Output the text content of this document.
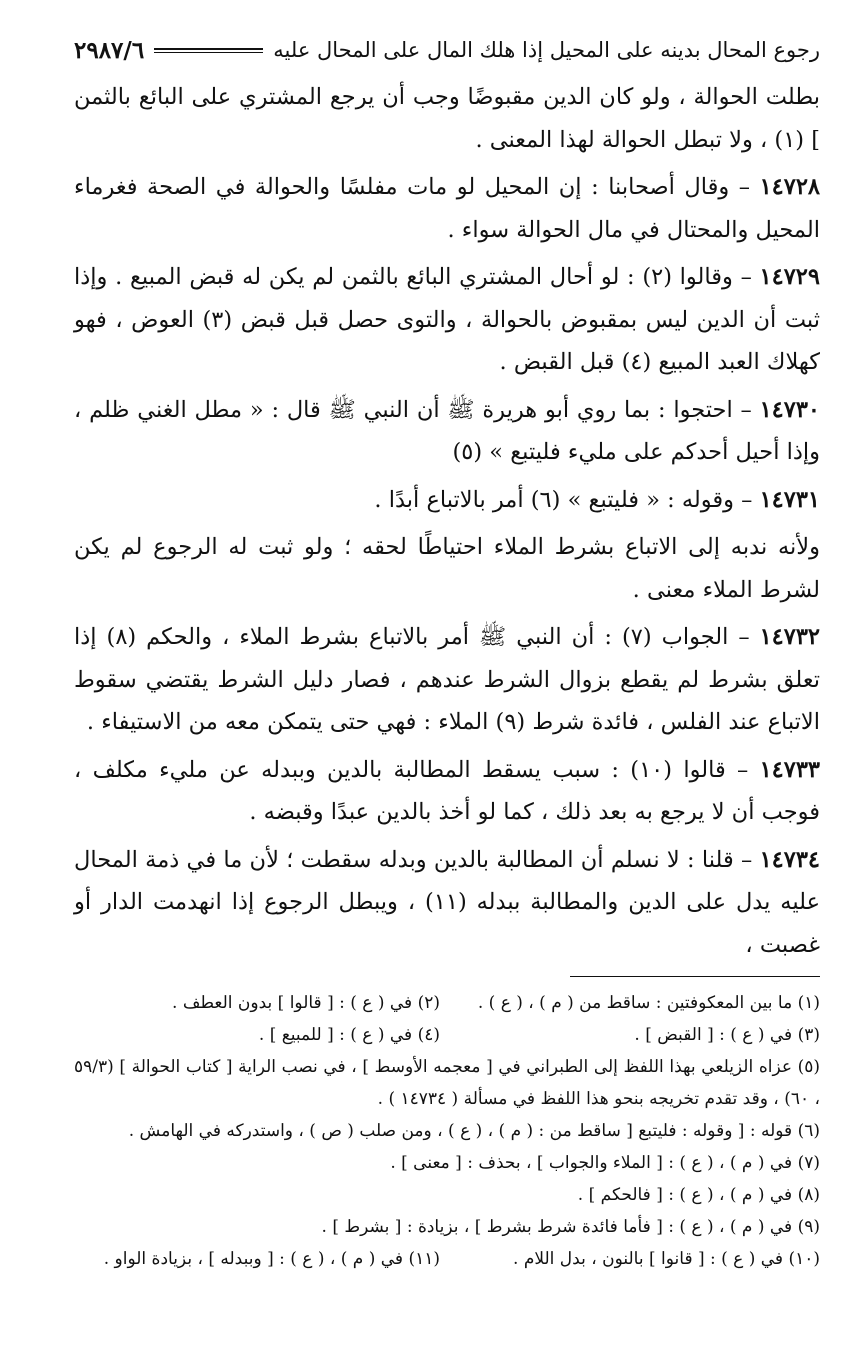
رجوع المحال بدينه على المحيل إذا هلك المال على المحال عليه
٢٩٨٧/٦

بطلت الحوالة ، ولو كان الدين مقبوضًا وجب أن يرجع المشتري على البائع بالثمن ] (١) ، ولا تبطل الحوالة لهذا المعنى .

١٤٧٢٨ – وقال أصحابنا : إن المحيل لو مات مفلسًا والحوالة في الصحة فغرماء المحيل والمحتال في مال الحوالة سواء .

١٤٧٢٩ – وقالوا (٢) : لو أحال المشتري البائع بالثمن لم يكن له قبض المبيع . وإذا ثبت أن الدين ليس بمقبوض بالحوالة ، والتوى حصل قبل قبض (٣) العوض ، فهو كهلاك العبد المبيع (٤) قبل القبض .

١٤٧٣٠ – احتجوا : بما روي أبو هريرة ﷺ أن النبي ﷺ قال : « مطل الغني ظلم ، وإذا أحيل أحدكم على مليء فليتبع » (٥)

١٤٧٣١ – وقوله : « فليتبع » (٦) أمر بالاتباع أبدًا .

ولأنه ندبه إلى الاتباع بشرط الملاء احتياطًا لحقه ؛ ولو ثبت له الرجوع لم يكن لشرط الملاء معنى .

١٤٧٣٢ – الجواب (٧) : أن النبي ﷺ أمر بالاتباع بشرط الملاء ، والحكم (٨) إذا تعلق بشرط لم يقطع بزوال الشرط عندهم ، فصار دليل الشرط يقتضي سقوط الاتباع عند الفلس ، فائدة شرط (٩) الملاء : فهي حتى يتمكن معه من الاستيفاء .

١٤٧٣٣ – قالوا (١٠) : سبب يسقط المطالبة بالدين وببدله عن مليء مكلف ، فوجب أن لا يرجع به بعد ذلك ، كما لو أخذ بالدين عبدًا وقبضه .

١٤٧٣٤ – قلنا : لا نسلم أن المطالبة بالدين وبدله سقطت ؛ لأن ما في ذمة المحال عليه يدل على الدين والمطالبة ببدله (١١) ، ويبطل الرجوع إذا انهدمت الدار أو غصبت ،

(١) ما بين المعكوفتين : ساقط من ( م ) ، ( ع ) .
(٢) في ( ع ) : [ قالوا ] بدون العطف .
(٣) في ( ع ) : [ القبض ] .
(٤) في ( ع ) : [ للمبيع ] .
(٥) عزاه الزيلعي بهذا اللفظ إلى الطبراني في [ معجمه الأوسط ] ، في نصب الراية [ كتاب الحوالة ] (٥٩/٣ ، ٦٠) ، وقد تقدم تخريجه بنحو هذا اللفظ في مسألة ( ١٤٧٣٤ ) .
(٦) قوله : [ وقوله : فليتبع [ ساقط من : ( م ) ، ( ع ) ، ومن صلب ( ص ) ، واستدركه في الهامش .
(٧) في ( م ) ، ( ع ) : [ الملاء والجواب ] ، بحذف : [ معنى ] .
(٨) في ( م ) ، ( ع ) : [ فالحكم ] .
(٩) في ( م ) ، ( ع ) : [ فأما فائدة شرط بشرط ] ، بزيادة : [ بشرط ] .
(١٠) في ( ع ) : [ قانوا ] بالنون ، بدل اللام .
(١١) في ( م ) ، ( ع ) : [ وببدله ] ، بزيادة الواو .
